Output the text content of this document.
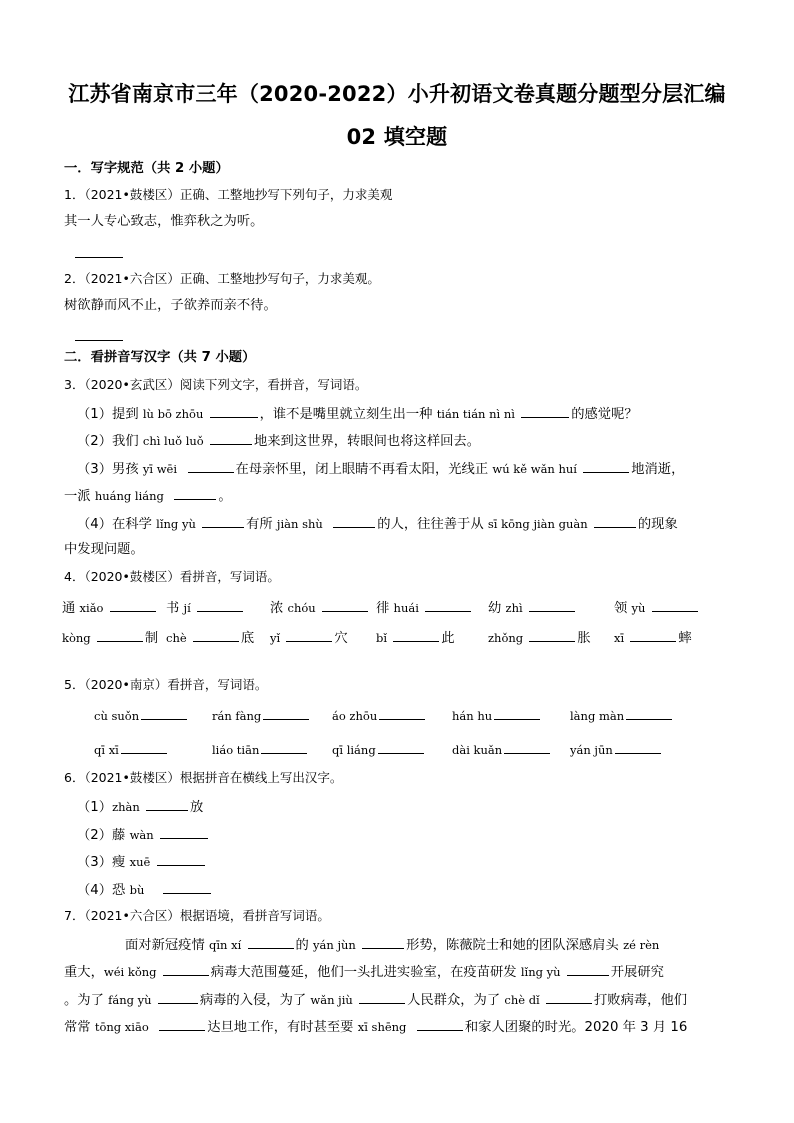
江苏省南京市三年（2020-2022）小升初语文卷真题分题型分层汇编
02 填空题
一．写字规范（共 2 小题）
1．（2021•鼓楼区）正确、工整地抄写下列句子，力求美观
其一人专心致志，惟弈秋之为听。
2．（2021•六合区）正确、工整地抄写句子，力求美观。
树欲静而风不止，子欲养而亲不待。
二．看拼音写汉字（共 7 小题）
3．（2020•玄武区）阅读下列文字，看拼音，写词语。
（1）提到 lù bō zhōu	，谁不是嘴里就立刻生出一种 tián tián nì nì	的感觉呢？
（2）我们 chì luǒ luǒ	地来到这世界，转眼间也将这样回去。
（3）男孩 yī wēi	在母亲怀里，闭上眼睛不再看太阳，光线正 wú kě wǎn huí	地消逝，
一派 huáng liáng	。
（4）在科学 lǐng yù	有所 jiàn shù	的人，往往善于从 sī kōng jiàn guàn	的现象
中发现问题。
4．（2020•鼓楼区）看拼音，写词语。
通 xiǎo	书 jí	浓 chóu	徘 huái	幼 zhì	领 yù
kòng	制 chè	底 yǐ	穴 bǐ	此	zhǒng	胀 xī	蟀
5．（2020•南京）看拼音，写词语。
cù suǒn	rán fàng	áo zhōu	hán hu	làng màn
qī xī	liáo tiān	qī liáng	dài kuǎn	yán jūn
6．（2021•鼓楼区）根据拼音在横线上写出汉字。
（1）zhàn	放
（2）藤 wàn
（3）瘦 xuē
（4）恐 bù
7．（2021•六合区）根据语境，看拼音写词语。
面对新冠疫情 qīn xí	的 yán jùn	形势，陈薇院士和她的团队深感肩头 zé rèn
重大，wéi kǒng	病毒大范围蔓延，他们一头扎进实验室，在疫苗研发 lǐng yù	开展研究
。为了 fáng yù	病毒的入侵，为了 wǎn jiù	人民群众，为了 chè dǐ	打败病毒，他们
常常 tōng xiāo	达旦地工作，有时甚至要 xī shēng	和家人团聚的时光。2020 年 3 月 16
